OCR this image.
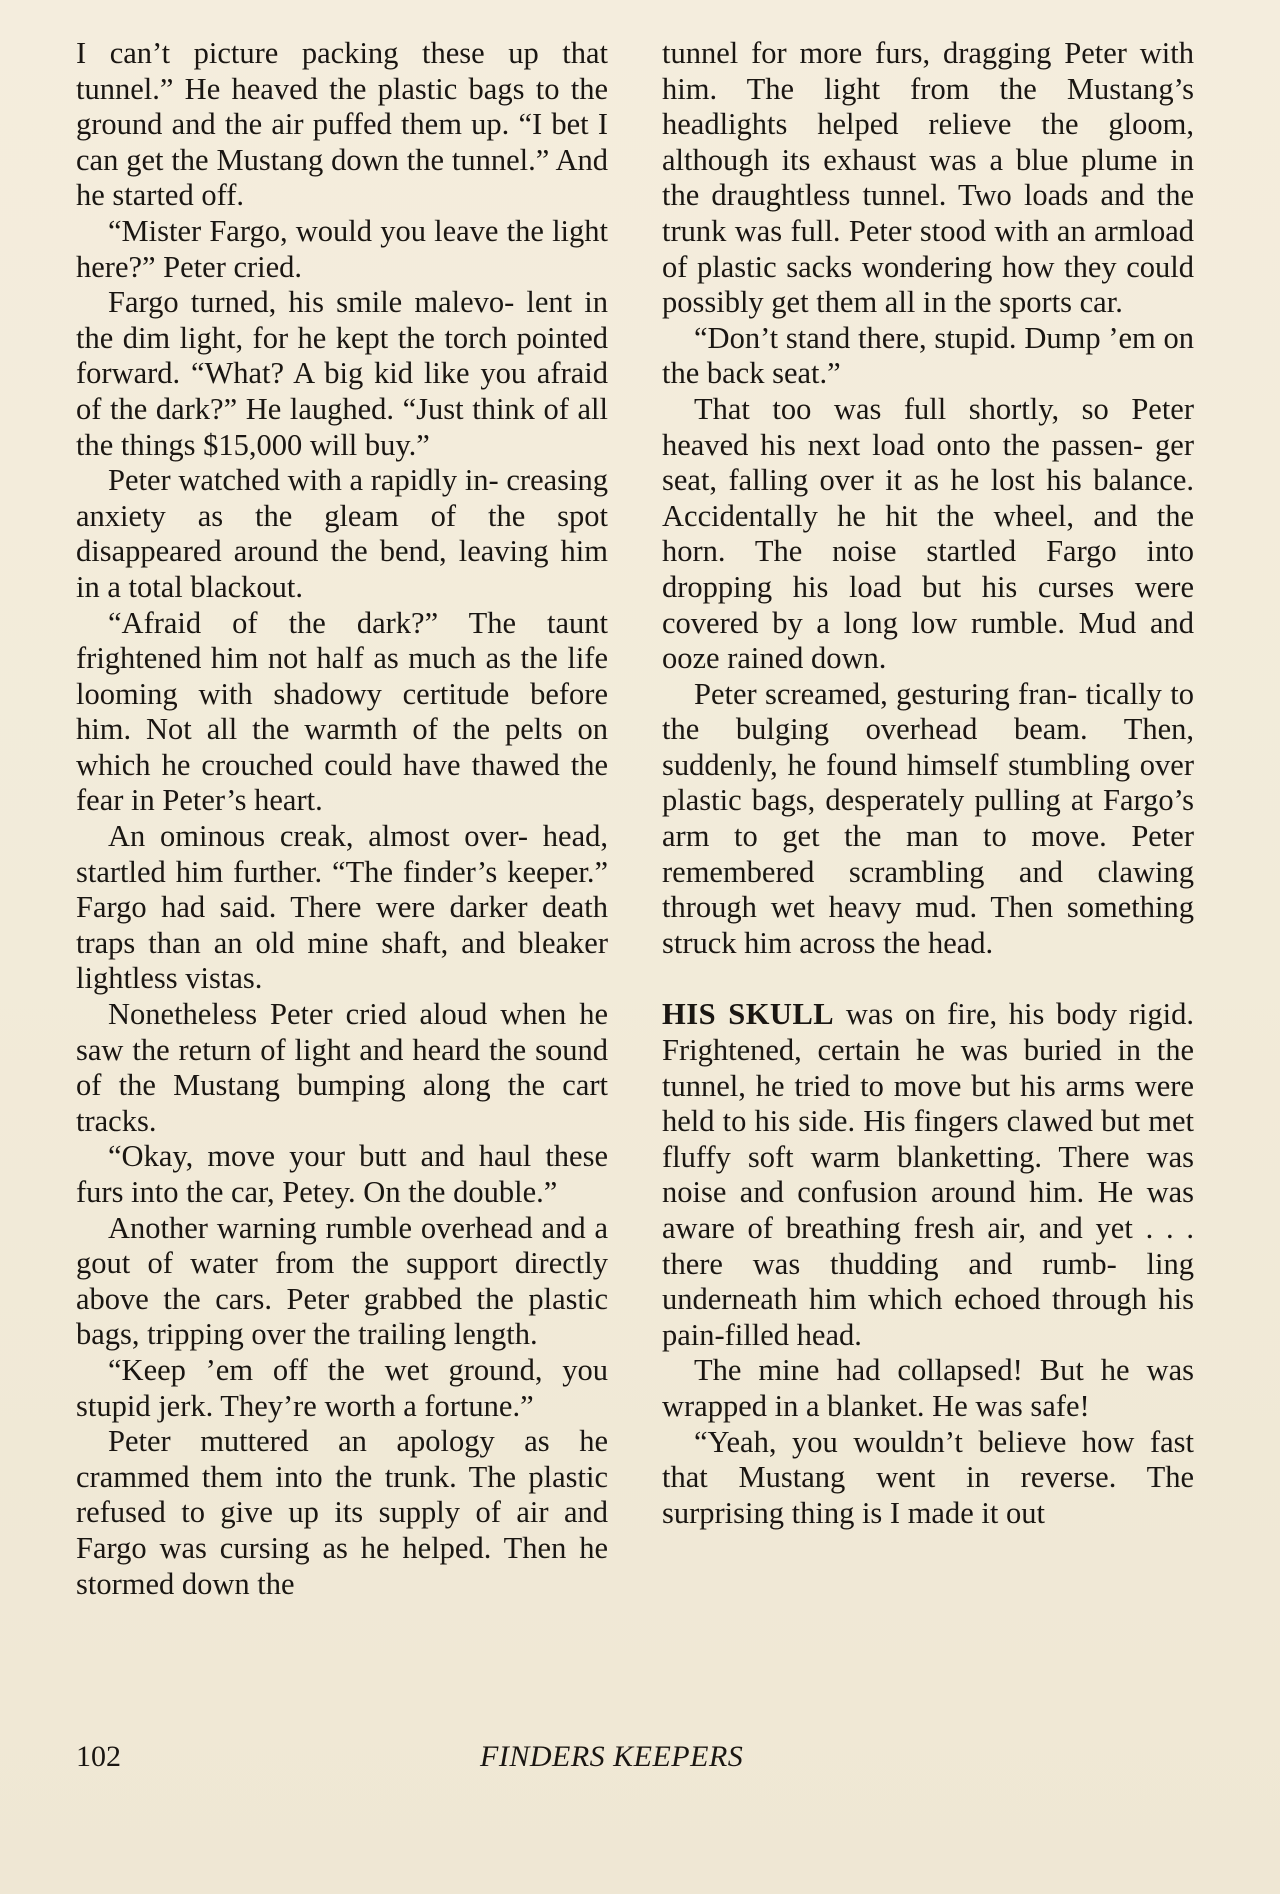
I can’t picture packing these up that tunnel.” He heaved the plastic bags to the ground and the air puffed them up. “I bet I can get the Mustang down the tunnel.” And he started off.

“Mister Fargo, would you leave the light here?” Peter cried.

Fargo turned, his smile malevo- lent in the dim light, for he kept the torch pointed forward. “What? A big kid like you afraid of the dark?” He laughed. “Just think of all the things $15,000 will buy.”

Peter watched with a rapidly in- creasing anxiety as the gleam of the spot disappeared around the bend, leaving him in a total blackout.

“Afraid of the dark?” The taunt frightened him not half as much as the life looming with shadowy certitude before him. Not all the warmth of the pelts on which he crouched could have thawed the fear in Peter’s heart.

An ominous creak, almost over- head, startled him further. “The finder’s keeper.” Fargo had said. There were darker death traps than an old mine shaft, and bleaker lightless vistas.

Nonetheless Peter cried aloud when he saw the return of light and heard the sound of the Mustang bumping along the cart tracks.

“Okay, move your butt and haul these furs into the car, Petey. On the double.”

Another warning rumble overhead and a gout of water from the support directly above the cars. Peter grabbed the plastic bags, tripping over the trailing length.

“Keep ’em off the wet ground, you stupid jerk. They’re worth a fortune.”

Peter muttered an apology as he crammed them into the trunk. The plastic refused to give up its supply of air and Fargo was cursing as he helped. Then he stormed down the

tunnel for more furs, dragging Peter with him. The light from the Mustang’s headlights helped relieve the gloom, although its exhaust was a blue plume in the draughtless tunnel. Two loads and the trunk was full. Peter stood with an armload of plastic sacks wondering how they could possibly get them all in the sports car.

“Don’t stand there, stupid. Dump ’em on the back seat.”

That too was full shortly, so Peter heaved his next load onto the passen- ger seat, falling over it as he lost his balance. Accidentally he hit the wheel, and the horn. The noise startled Fargo into dropping his load but his curses were covered by a long low rumble. Mud and ooze rained down.

Peter screamed, gesturing fran- tically to the bulging overhead beam. Then, suddenly, he found himself stumbling over plastic bags, desperately pulling at Fargo’s arm to get the man to move. Peter remembered scrambling and clawing through wet heavy mud. Then something struck him across the head.

HIS SKULL was on fire, his body rigid. Frightened, certain he was buried in the tunnel, he tried to move but his arms were held to his side. His fingers clawed but met fluffy soft warm blanketting. There was noise and confusion around him. He was aware of breathing fresh air, and yet . . . there was thudding and rumb- ling underneath him which echoed through his pain-filled head.

The mine had collapsed! But he was wrapped in a blanket. He was safe!

“Yeah, you wouldn’t believe how fast that Mustang went in reverse. The surprising thing is I made it out

102	FINDERS KEEPERS
